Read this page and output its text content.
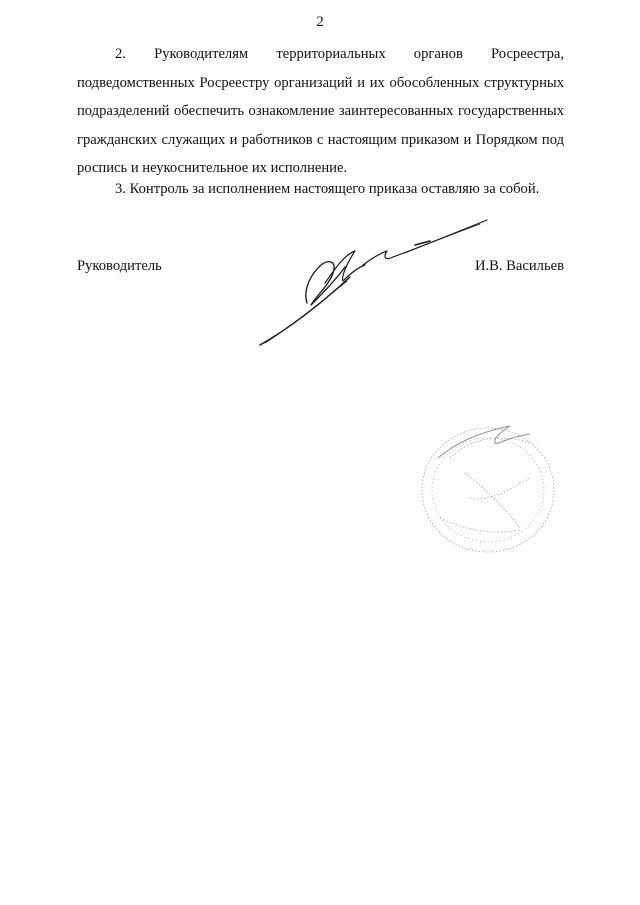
2

2. Руководителям территориальных органов Росреестра, подведомственных Росреестру организаций и их обособленных структурных подразделений обеспечить ознакомление заинтересованных государственных гражданских служащих и работников с настоящим приказом и Порядком под роспись и неукоснительное их исполнение.

3. Контроль за исполнением настоящего приказа оставляю за собой.

Руководитель	И.В. Васильев
